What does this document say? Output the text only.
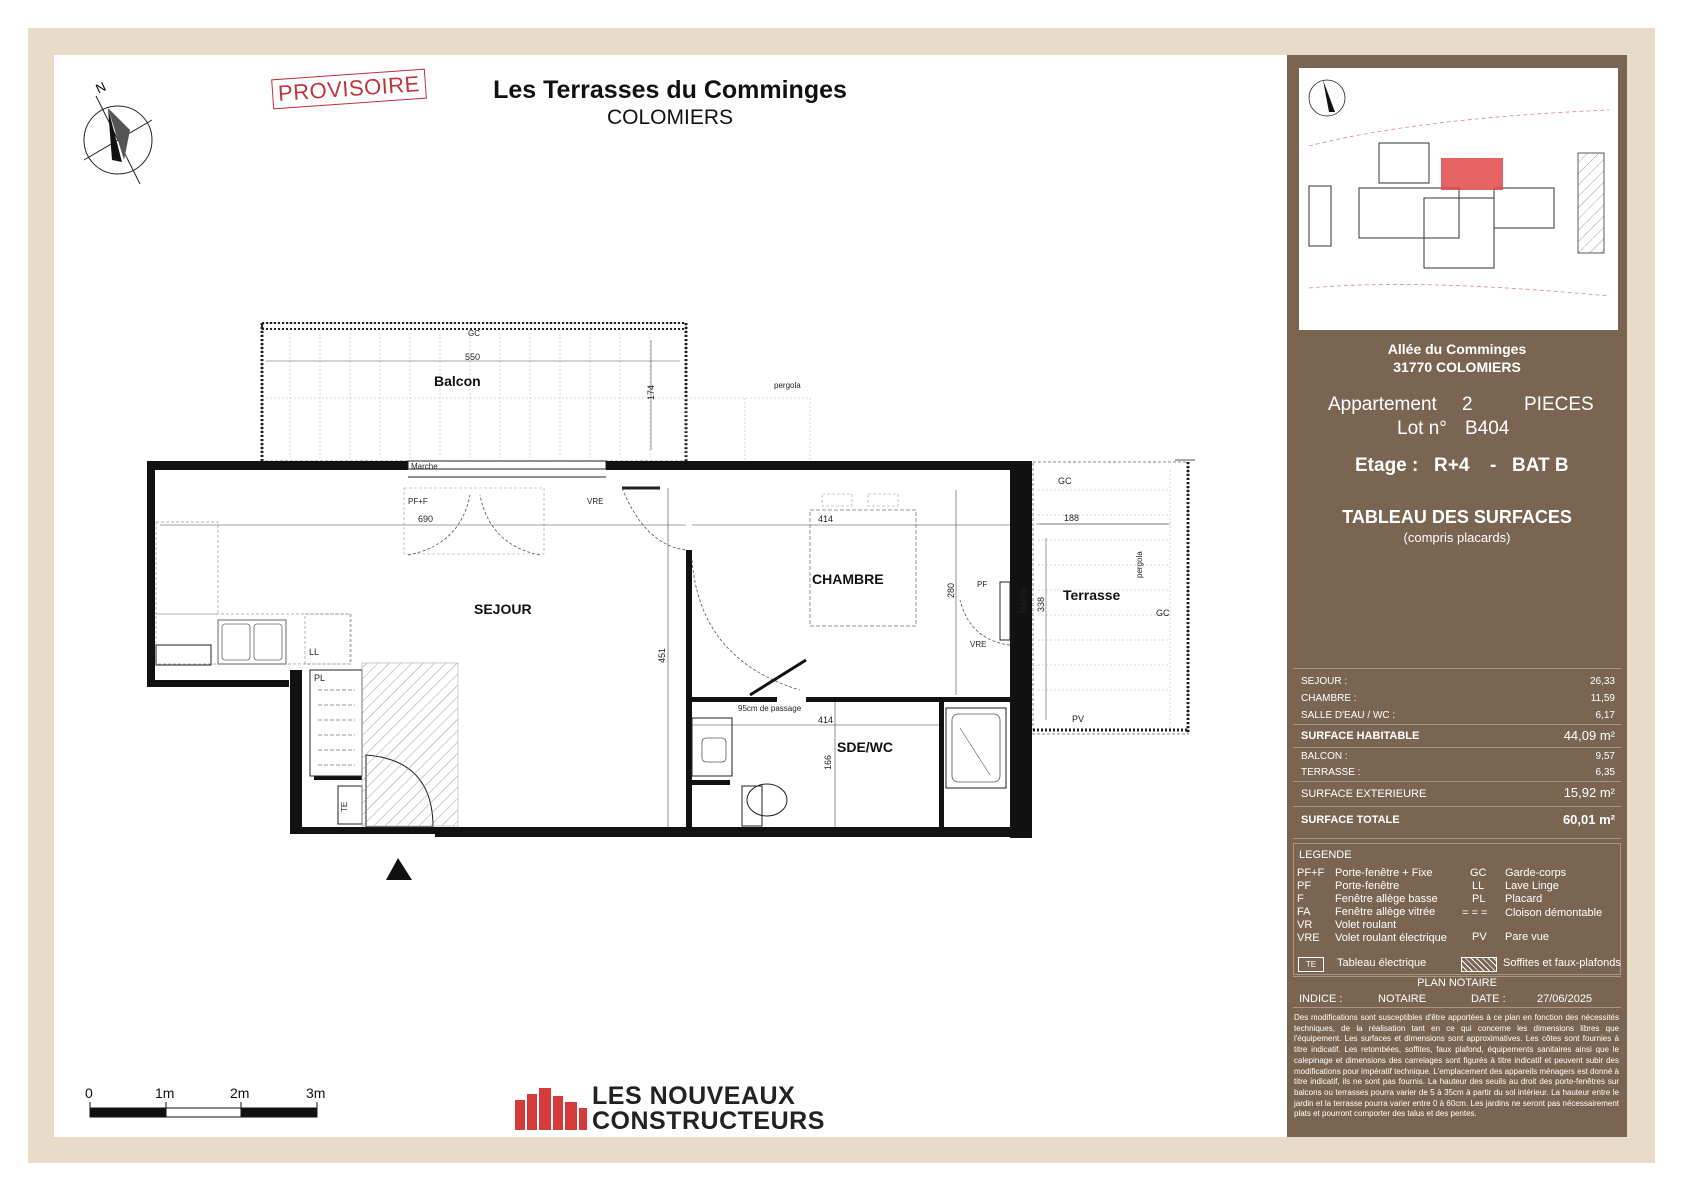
PROVISOIRE	Les Terrasses du Comminges
COLOMIERS
N
Balcon
SEJOUR
CHAMBRE
SDE/WC
Terrasse
GC
GC
GC
pergola
pergola
Marche
Marche
PF+F	VRE
VRE
PF
LL
PL
TE
PV
95cm de passage
550
174
690	414	188
280
338
451
414
166
0	1m	2m	3m	LES NOUVEAUX
CONSTRUCTEURS
Allée du Comminges
31770 COLOMIERS
Appartement 2	PIECES
Lot n° B404
Etage : R+4 - BAT B
TABLEAU DES SURFACES
(compris placards)
SEJOUR :	26,33
CHAMBRE :	11,59
SALLE D'EAU / WC :	6,17
SURFACE HABITABLE	44,09 m²
BALCON :	9,57
TERRASSE :	6,35
SURFACE EXTERIEURE	15,92 m²
SURFACE TOTALE	60,01 m²
LEGENDE
PF+F Porte-fenêtre + Fixe
PF Porte-fenêtre
F	Fenêtre allège basse
FA Fenêtre allège vitrée
VR Volet roulant
VRE Volet roulant électrique
GC Garde-corps
LL Lave Linge
PL Placard
= = = Cloison démontable
PV Pare vue
TE	Tableau électrique	Soffites et faux-plafonds
PLAN NOTAIRE
INDICE :	NOTAIRE	DATE :	27/06/2025
Des modifications sont susceptibles d'être apportées à ce plan en fonction des nécessités techniques, de la réalisation tant en ce qui concerne les dimensions libres que l'équipement. Les surfaces et dimensions sont approximatives. Les côtes sont fournies à titre indicatif. Les retombées, soffites, faux plafond, équipements sanitaires ainsi que le calepinage et dimensions des carrelages sont figurés à titre indicatif et peuvent subir des modifications pour impératif technique. L'emplacement des appareils ménagers est donné à titre indicatif, ils ne sont pas fournis. La hauteur des seuils au droit des porte-fenêtres sur balcons ou terrasses pourra varier de 5 à 35cm à partir du sol intérieur. La hauteur entre le jardin et la terrasse pourra varier entre 0 à 60cm. Les jardins ne seront pas nécessairement plats et pourront comporter des talus et des pentes.
